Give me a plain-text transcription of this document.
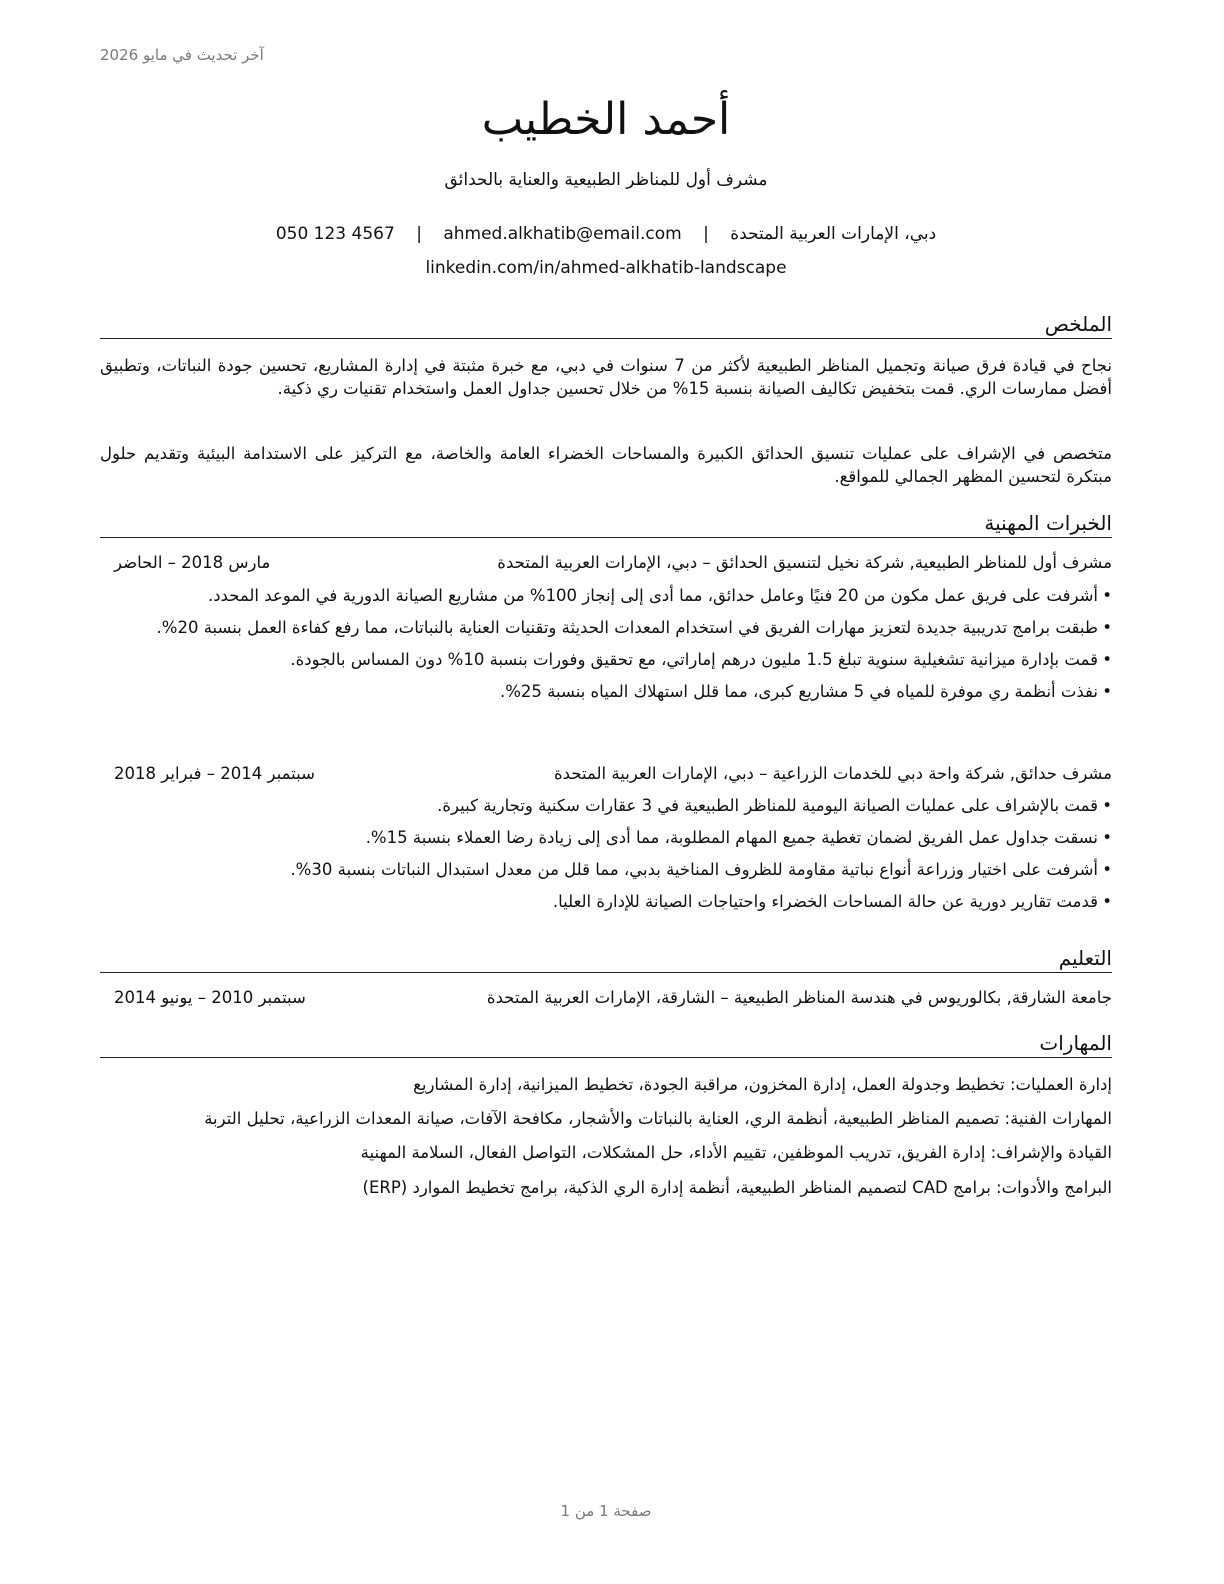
آخر تحديث في مايو 2026
أحمد الخطيب
مشرف أول للمناظر الطبيعية والعناية بالحدائق
دبي، الإمارات العربية المتحدة | ahmed.alkhatib@email.com | 050 123 4567
linkedin.com/in/ahmed-alkhatib-landscape
الملخص
نجاح في قيادة فرق صيانة وتجميل المناظر الطبيعية لأكثر من 7 سنوات في دبي، مع خبرة مثبتة في إدارة المشاريع، تحسين جودة النباتات، وتطبيق أفضل ممارسات الري. قمت بتخفيض تكاليف الصيانة بنسبة 15% من خلال تحسين جداول العمل واستخدام تقنيات ري ذكية.
متخصص في الإشراف على عمليات تنسيق الحدائق الكبيرة والمساحات الخضراء العامة والخاصة، مع التركيز على الاستدامة البيئية وتقديم حلول مبتكرة لتحسين المظهر الجمالي للمواقع.
الخبرات المهنية
مشرف أول للمناظر الطبيعية, شركة نخيل لتنسيق الحدائق – دبي، الإمارات العربية المتحدة
مارس 2018 – الحاضر
• أشرفت على فريق عمل مكون من 20 فنيًا وعامل حدائق، مما أدى إلى إنجاز 100% من مشاريع الصيانة الدورية في الموعد المحدد.
• طبقت برامج تدريبية جديدة لتعزيز مهارات الفريق في استخدام المعدات الحديثة وتقنيات العناية بالنباتات، مما رفع كفاءة العمل بنسبة 20%.
• قمت بإدارة ميزانية تشغيلية سنوية تبلغ 1.5 مليون درهم إماراتي، مع تحقيق وفورات بنسبة 10% دون المساس بالجودة.
• نفذت أنظمة ري موفرة للمياه في 5 مشاريع كبرى، مما قلل استهلاك المياه بنسبة 25%.
مشرف حدائق, شركة واحة دبي للخدمات الزراعية – دبي، الإمارات العربية المتحدة
سبتمبر 2014 – فبراير 2018
• قمت بالإشراف على عمليات الصيانة اليومية للمناظر الطبيعية في 3 عقارات سكنية وتجارية كبيرة.
• نسقت جداول عمل الفريق لضمان تغطية جميع المهام المطلوبة، مما أدى إلى زيادة رضا العملاء بنسبة 15%.
• أشرفت على اختيار وزراعة أنواع نباتية مقاومة للظروف المناخية بدبي، مما قلل من معدل استبدال النباتات بنسبة 30%.
• قدمت تقارير دورية عن حالة المساحات الخضراء واحتياجات الصيانة للإدارة العليا.
التعليم
جامعة الشارقة, بكالوريوس في هندسة المناظر الطبيعية – الشارقة، الإمارات العربية المتحدة
سبتمبر 2010 – يونيو 2014
المهارات
إدارة العمليات: تخطيط وجدولة العمل، إدارة المخزون، مراقبة الجودة، تخطيط الميزانية، إدارة المشاريع
المهارات الفنية: تصميم المناظر الطبيعية، أنظمة الري، العناية بالنباتات والأشجار، مكافحة الآفات، صيانة المعدات الزراعية، تحليل التربة
القيادة والإشراف: إدارة الفريق، تدريب الموظفين، تقييم الأداء، حل المشكلات، التواصل الفعال، السلامة المهنية
البرامج والأدوات: برامج CAD لتصميم المناظر الطبيعية، أنظمة إدارة الري الذكية، برامج تخطيط الموارد (ERP)
صفحة 1 من 1
